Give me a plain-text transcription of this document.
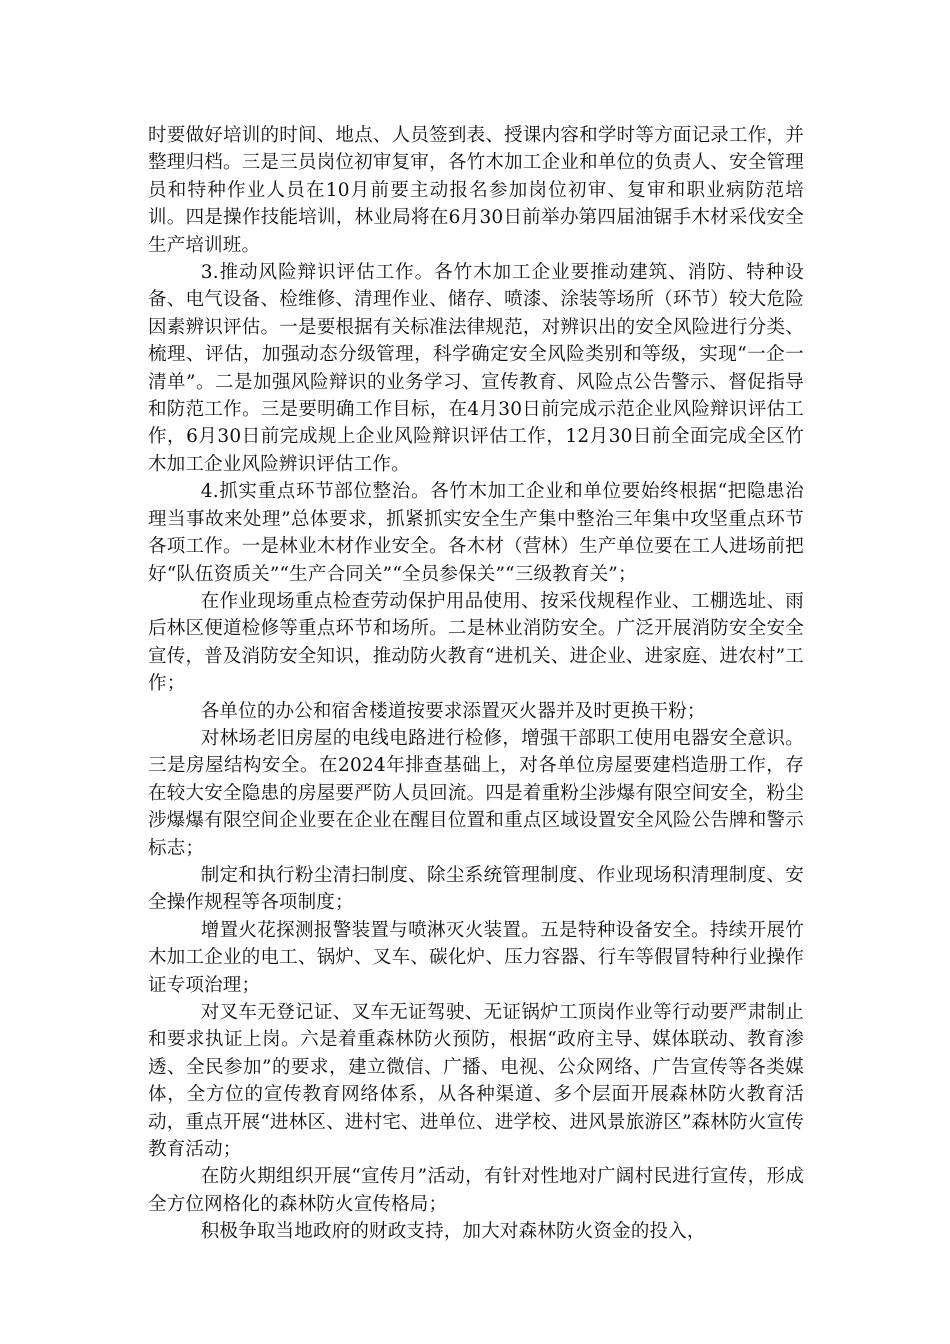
时要做好培训的时间、地点、人员签到表、授课内容和学时等方面记录工作，并整理归档。三是三员岗位初审复审，各竹木加工企业和单位的负责人、安全管理员和特种作业人员在10月前要主动报名参加岗位初审、复审和职业病防范培训。四是操作技能培训，林业局将在6月30日前举办第四届油锯手木材采伐安全生产培训班。

3.推动风险辩识评估工作。各竹木加工企业要推动建筑、消防、特种设备、电气设备、检维修、清理作业、储存、喷漆、涂装等场所（环节）较大危险因素辨识评估。一是要根据有关标准法律规范，对辨识出的安全风险进行分类、梳理、评估，加强动态分级管理，科学确定安全风险类别和等级，实现“一企一清单”。二是加强风险辩识的业务学习、宣传教育、风险点公告警示、督促指导和防范工作。三是要明确工作目标，在4月30日前完成示范企业风险辩识评估工作，6月30日前完成规上企业风险辩识评估工作，12月30日前全面完成全区竹木加工企业风险辨识评估工作。

4.抓实重点环节部位整治。各竹木加工企业和单位要始终根据“把隐患治理当事故来处理”总体要求，抓紧抓实安全生产集中整治三年集中攻坚重点环节各项工作。一是林业木材作业安全。各木材（营林）生产单位要在工人进场前把好“队伍资质关”“生产合同关”“全员参保关”“三级教育关”；

在作业现场重点检查劳动保护用品使用、按采伐规程作业、工棚选址、雨后林区便道检修等重点环节和场所。二是林业消防安全。广泛开展消防安全安全宣传，普及消防安全知识，推动防火教育“进机关、进企业、进家庭、进农村”工作；

各单位的办公和宿舍楼道按要求添置灭火器并及时更换干粉；

对林场老旧房屋的电线电路进行检修，增强干部职工使用电器安全意识。三是房屋结构安全。在2024年排查基础上，对各单位房屋要建档造册工作，存在较大安全隐患的房屋要严防人员回流。四是着重粉尘涉爆有限空间安全，粉尘涉爆爆有限空间企业要在企业在醒目位置和重点区域设置安全风险公告牌和警示标志；

制定和执行粉尘清扫制度、除尘系统管理制度、作业现场积清理制度、安全操作规程等各项制度；

增置火花探测报警装置与喷淋灭火装置。五是特种设备安全。持续开展竹木加工企业的电工、锅炉、叉车、碳化炉、压力容器、行车等假冒特种行业操作证专项治理；

对叉车无登记证、叉车无证驾驶、无证锅炉工顶岗作业等行动要严肃制止和要求执证上岗。六是着重森林防火预防，根据“政府主导、媒体联动、教育渗透、全民参加”的要求，建立微信、广播、电视、公众网络、广告宣传等各类媒体，全方位的宣传教育网络体系，从各种渠道、多个层面开展森林防火教育活动，重点开展“进林区、进村宅、进单位、进学校、进风景旅游区”森林防火宣传教育活动；

在防火期组织开展“宣传月”活动，有针对性地对广阔村民进行宣传，形成全方位网格化的森林防火宣传格局；

积极争取当地政府的财政支持，加大对森林防火资金的投入，
